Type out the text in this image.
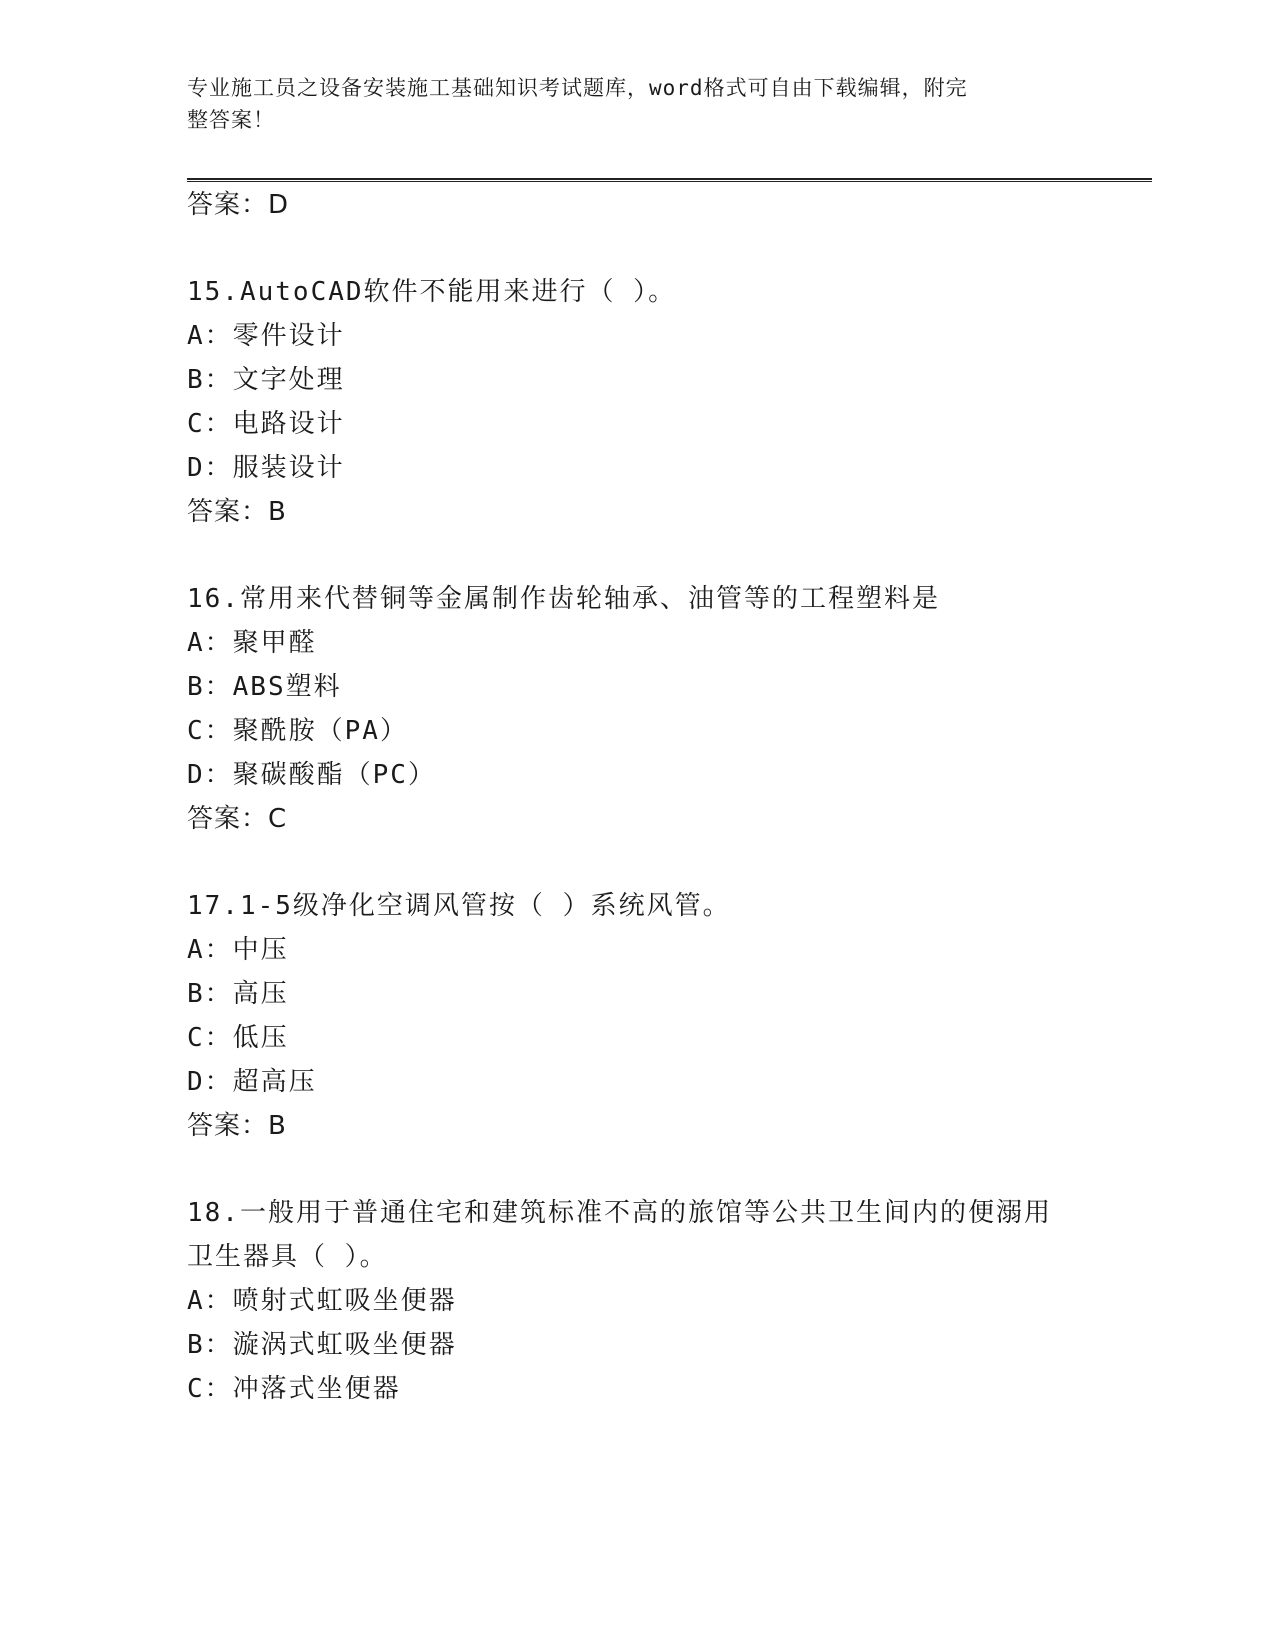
专业施工员之设备安装施工基础知识考试题库，word格式可自由下载编辑，附完
整答案！
答案：D
15.AutoCAD软件不能用来进行（ ）。
A：零件设计
B：文字处理
C：电路设计
D：服装设计
答案：B
16.常用来代替铜等金属制作齿轮轴承、油管等的工程塑料是
A：聚甲醛
B：ABS塑料
C：聚酰胺（PA）
D：聚碳酸酯（PC）
答案：C
17.1-5级净化空调风管按（ ）系统风管。
A：中压
B：高压
C：低压
D：超高压
答案：B
18.一般用于普通住宅和建筑标准不高的旅馆等公共卫生间内的便溺用
卫生器具（ ）。
A：喷射式虹吸坐便器
B：漩涡式虹吸坐便器
C：冲落式坐便器
